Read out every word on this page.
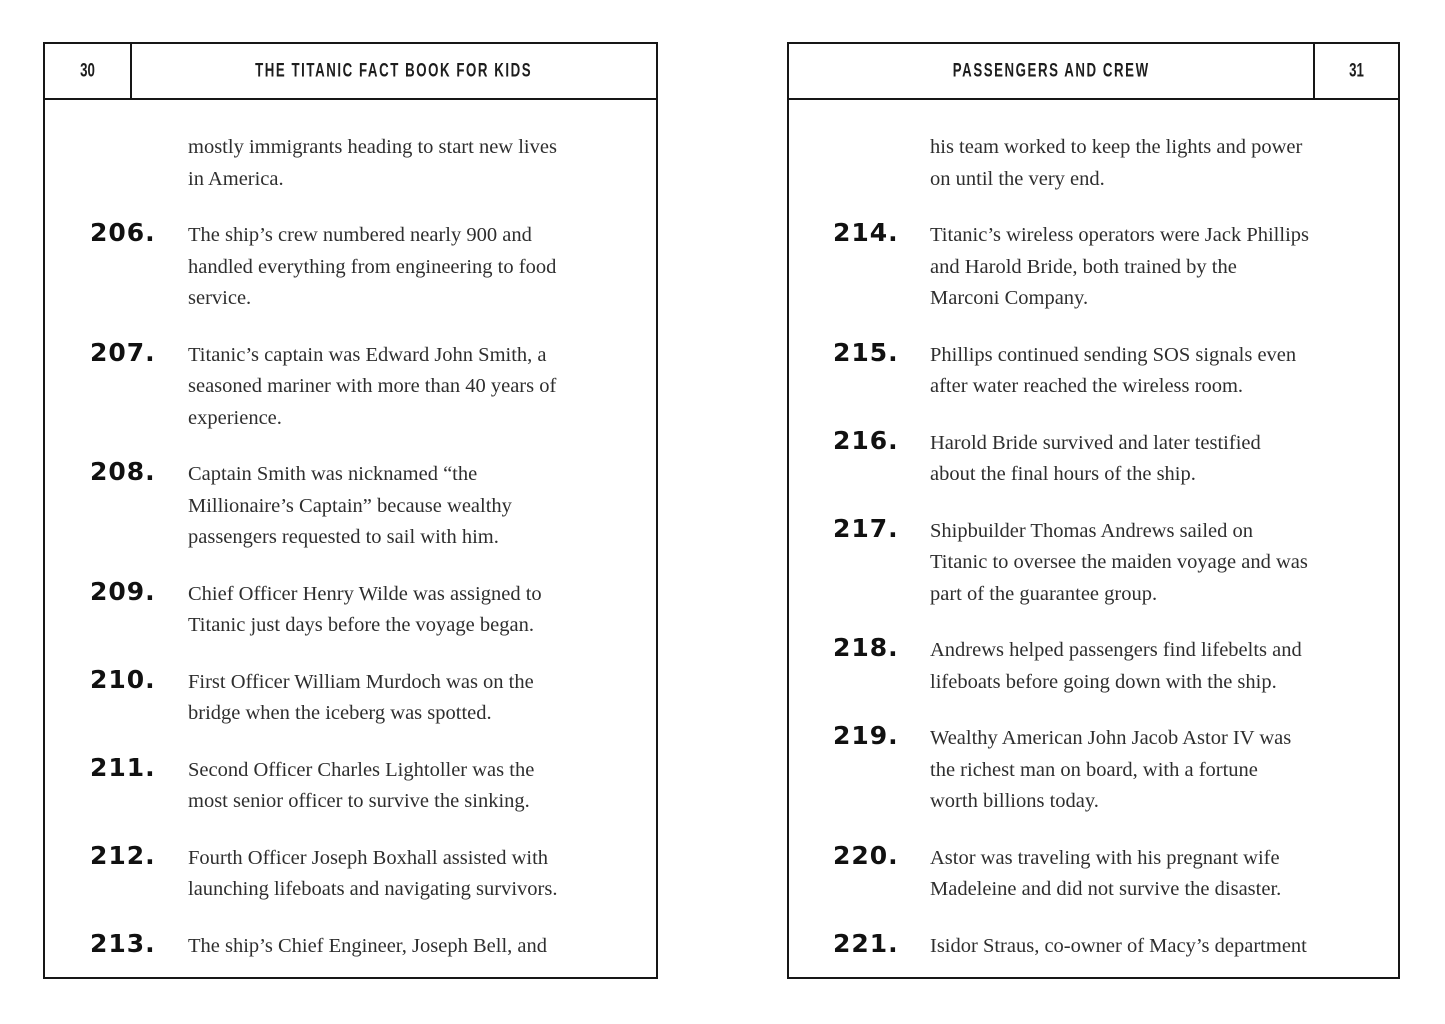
30	THE TITANIC FACT BOOK FOR KIDS
mostly immigrants heading to start new lives
in America.
206.	The ship’s crew numbered nearly 900 and
handled everything from engineering to food
service.
207.	Titanic’s captain was Edward John Smith, a
seasoned mariner with more than 40 years of
experience.
208.	Captain Smith was nicknamed “the
Millionaire’s Captain” because wealthy
passengers requested to sail with him.
209.	Chief Officer Henry Wilde was assigned to
Titanic just days before the voyage began.
210.	First Officer William Murdoch was on the
bridge when the iceberg was spotted.
211.	Second Officer Charles Lightoller was the
most senior officer to survive the sinking.
212.	Fourth Officer Joseph Boxhall assisted with
launching lifeboats and navigating survivors.
213.	The ship’s Chief Engineer, Joseph Bell, and
PASSENGERS AND CREW	31
his team worked to keep the lights and power
on until the very end.
214.	Titanic’s wireless operators were Jack Phillips
and Harold Bride, both trained by the
Marconi Company.
215.	Phillips continued sending SOS signals even
after water reached the wireless room.
216.	Harold Bride survived and later testified
about the final hours of the ship.
217.	Shipbuilder Thomas Andrews sailed on
Titanic to oversee the maiden voyage and was
part of the guarantee group.
218.	Andrews helped passengers find lifebelts and
lifeboats before going down with the ship.
219.	Wealthy American John Jacob Astor IV was
the richest man on board, with a fortune
worth billions today.
220.	Astor was traveling with his pregnant wife
Madeleine and did not survive the disaster.
221.	Isidor Straus, co-owner of Macy’s department
